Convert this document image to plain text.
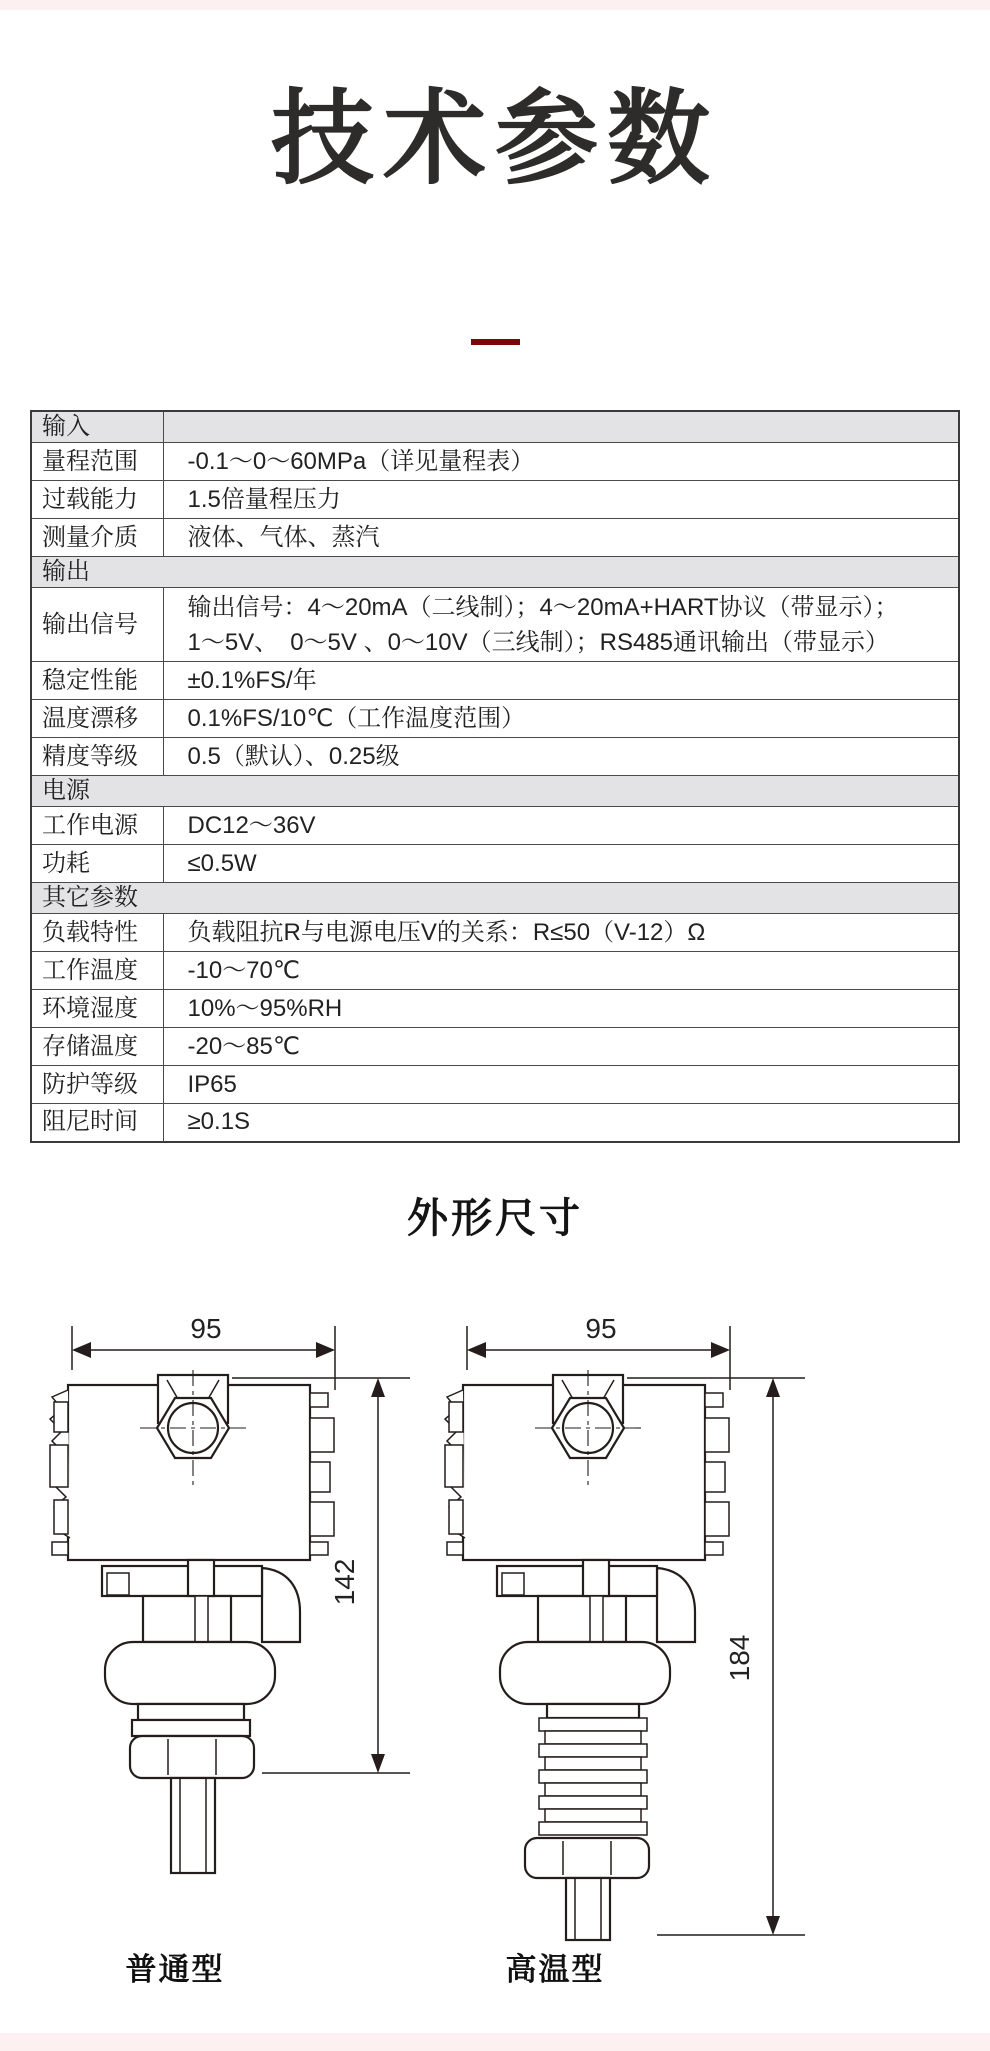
技术参数
输入	
量程范围	-0.1～0～60MPa（详见量程表）
过载能力	1.5倍量程压力
测量介质	液体、气体、蒸汽
输出	
输出信号	输出信号：4～20mA（二线制）；4～20mA+HART协议（带显示）；
1～5V、　0～5V 、0～10V（三线制）；RS485通讯输出（带显示）

稳定性能	±0.1%FS/年
温度漂移	0.1%FS/10℃（工作温度范围）
精度等级	0.5（默认）、0.25级
电源	
工作电源	DC12～36V
功耗	≤0.5W
其它参数	
负载特性	负载阻抗R与电源电压V的关系：R≤50（V-12）Ω
工作温度	-10～70℃
环境湿度	10%～95%RH
存储温度	-20～85℃
防护等级	IP65
阻尼时间	≥0.1S
外形尺寸
95
142
95
184
普通型	高温型
